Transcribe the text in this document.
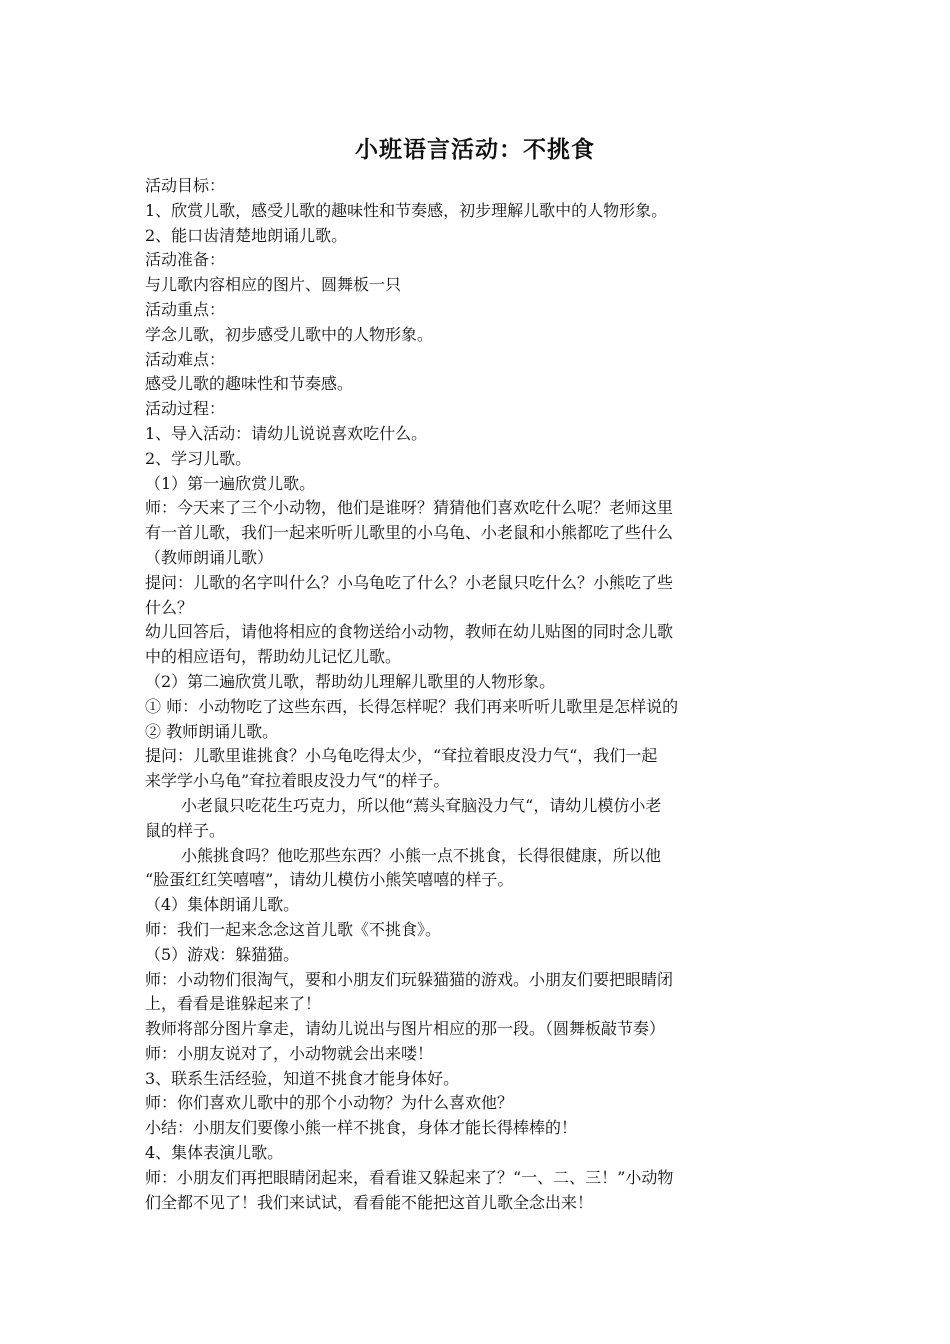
小班语言活动：不挑食
活动目标：
1、欣赏儿歌，感受儿歌的趣味性和节奏感，初步理解儿歌中的人物形象。
2、能口齿清楚地朗诵儿歌。
活动准备：
与儿歌内容相应的图片、圆舞板一只
活动重点：
学念儿歌，初步感受儿歌中的人物形象。
活动难点：
感受儿歌的趣味性和节奏感。
活动过程：
1、导入活动：请幼儿说说喜欢吃什么。
2、学习儿歌。
（1）第一遍欣赏儿歌。
师：今天来了三个小动物，他们是谁呀？猜猜他们喜欢吃什么呢？老师这里
有一首儿歌，我们一起来听听儿歌里的小乌龟、小老鼠和小熊都吃了些什么
（教师朗诵儿歌）
提问：儿歌的名字叫什么？小乌龟吃了什么？小老鼠只吃什么？小熊吃了些
什么？
幼儿回答后，请他将相应的食物送给小动物，教师在幼儿贴图的同时念儿歌
中的相应语句，帮助幼儿记忆儿歌。
（2）第二遍欣赏儿歌，帮助幼儿理解儿歌里的人物形象。
① 师：小动物吃了这些东西，长得怎样呢？我们再来听听儿歌里是怎样说的
② 教师朗诵儿歌。
提问：儿歌里谁挑食？小乌龟吃得太少，“耷拉着眼皮没力气“，我们一起
来学学小乌龟”耷拉着眼皮没力气“的样子。
小老鼠只吃花生巧克力，所以他“蔫头耷脑没力气“，请幼儿模仿小老
鼠的样子。
小熊挑食吗？他吃那些东西？小熊一点不挑食，长得很健康，所以他
“脸蛋红红笑嘻嘻”，请幼儿模仿小熊笑嘻嘻的样子。
（4）集体朗诵儿歌。
师：我们一起来念念这首儿歌《不挑食》。
（5）游戏：躲猫猫。
师：小动物们很淘气，要和小朋友们玩躲猫猫的游戏。小朋友们要把眼睛闭
上，看看是谁躲起来了！
教师将部分图片拿走，请幼儿说出与图片相应的那一段。（圆舞板敲节奏）
师：小朋友说对了，小动物就会出来喽！
3、联系生活经验，知道不挑食才能身体好。
师：你们喜欢儿歌中的那个小动物？为什么喜欢他？
小结：小朋友们要像小熊一样不挑食，身体才能长得棒棒的！
4、集体表演儿歌。
师：小朋友们再把眼睛闭起来，看看谁又躲起来了？“一、二、三！”小动物
们全都不见了！我们来试试，看看能不能把这首儿歌全念出来！
